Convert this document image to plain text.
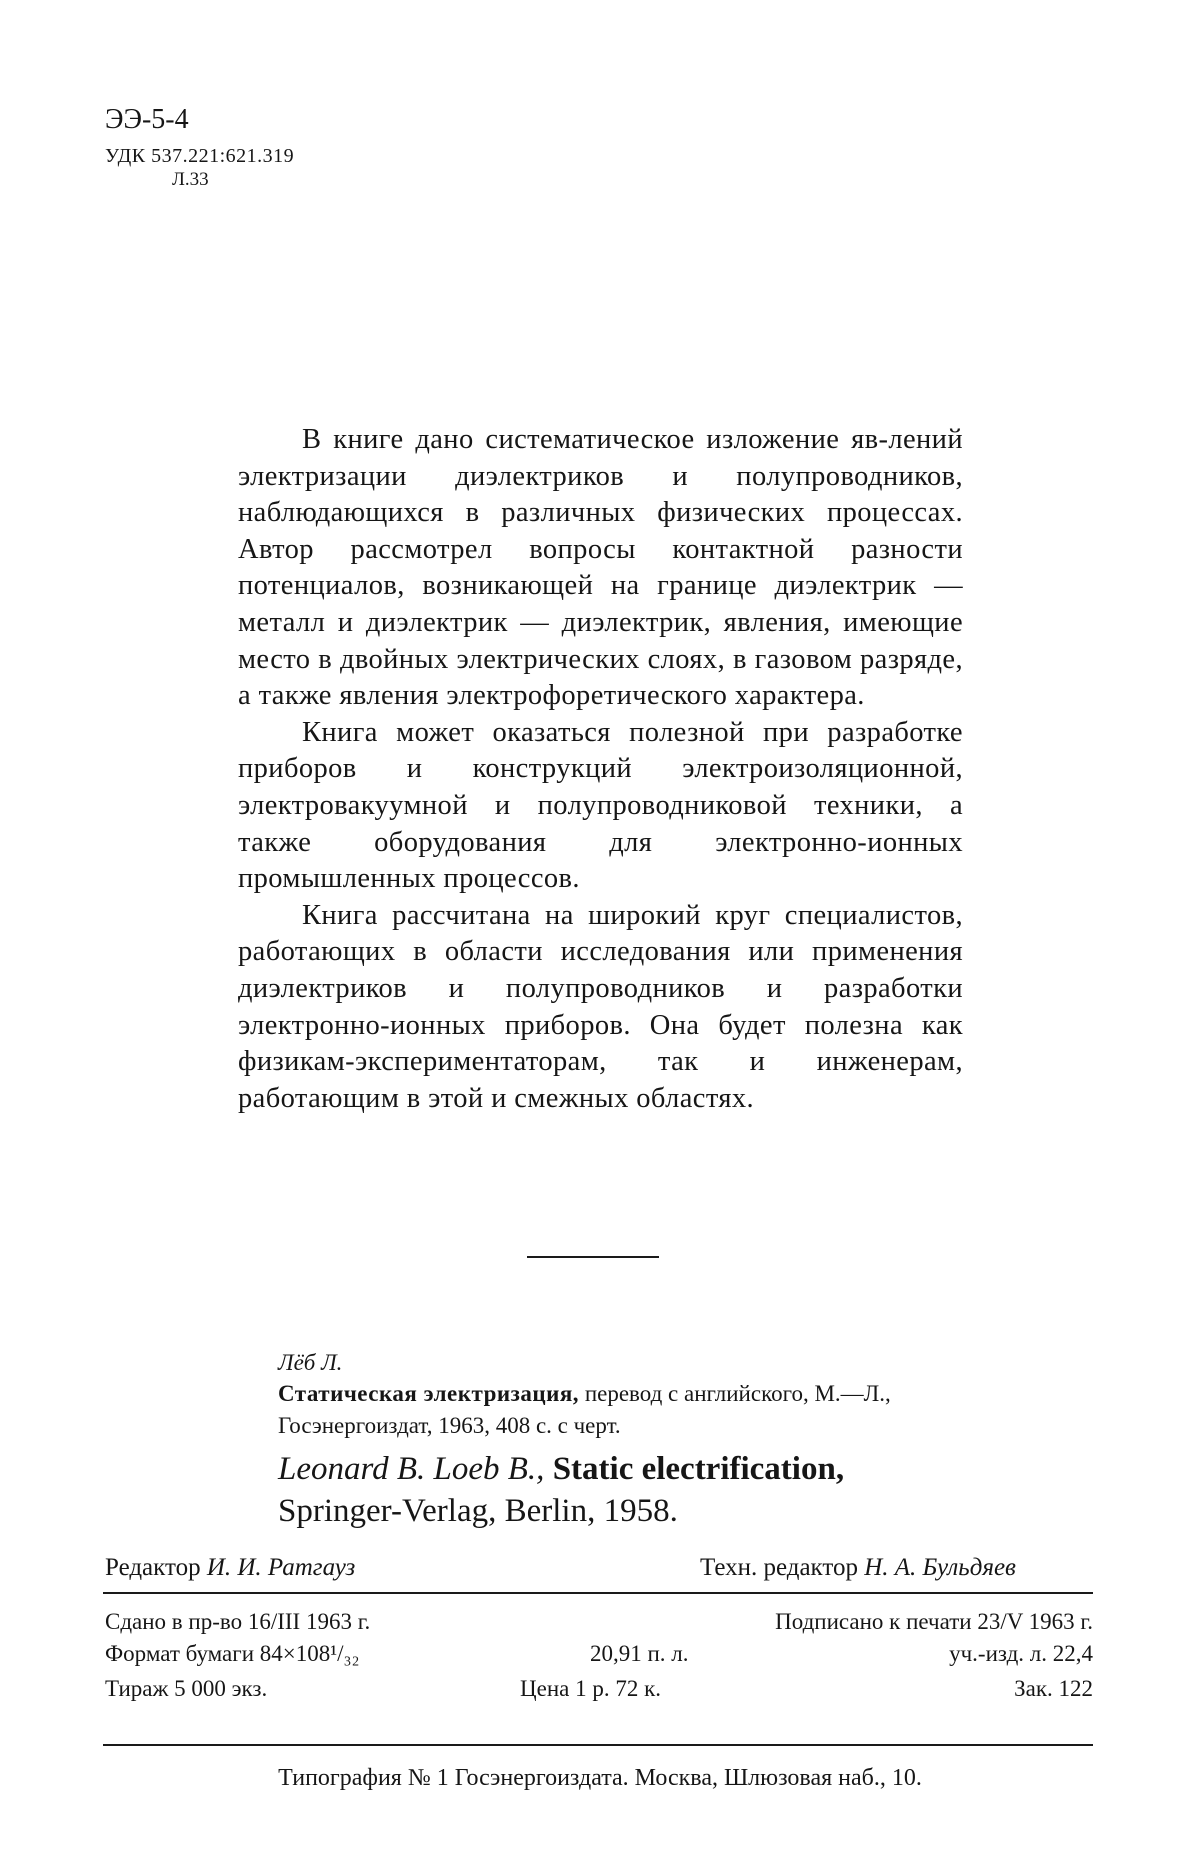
ЭЭ-5-4
УДК 537.221:621.319
Л.33

В книге дано систематическое изложение яв-лений электризации диэлектриков и полупроводников, наблюдающихся в различных физических процессах. Автор рассмотрел вопросы контактной разности потенциалов, возникающей на границе диэлектрик — металл и диэлектрик — диэлектрик, явления, имеющие место в двойных электрических слоях, в газовом разряде, а также явления электрофоретического характера.

Книга может оказаться полезной при разработке приборов и конструкций электроизоляционной, электровакуумной и полупроводниковой техники, а также оборудования для электронно-ионных промышленных процессов.

Книга рассчитана на широкий круг специалистов, работающих в области исследования или применения диэлектриков и полупроводников и разработки электронно-ионных приборов. Она будет полезна как физикам-экспериментаторам, так и инженерам, работающим в этой и смежных областях.

Лёб Л.
Статическая электризация, перевод с английского, М.—Л.,
Госэнергоиздат, 1963, 408 с. с черт.
Leonard B. Loeb B., Static electrification,
Springer-Verlag, Berlin, 1958.
Редактор И. И. Ратгауз	Техн. редактор Н. А. Бульдяев
Сдано в пр-во 16/III 1963 г.	Подписано к печати 23/V 1963 г.
Формат бумаги 84×108¹/₃₂	20,91 п. л.	уч.-изд. л. 22,4
Тираж 5 000 экз.	Цена 1 р. 72 к.	Зак. 122
Типография № 1 Госэнергоиздата. Москва, Шлюзовая наб., 10.
